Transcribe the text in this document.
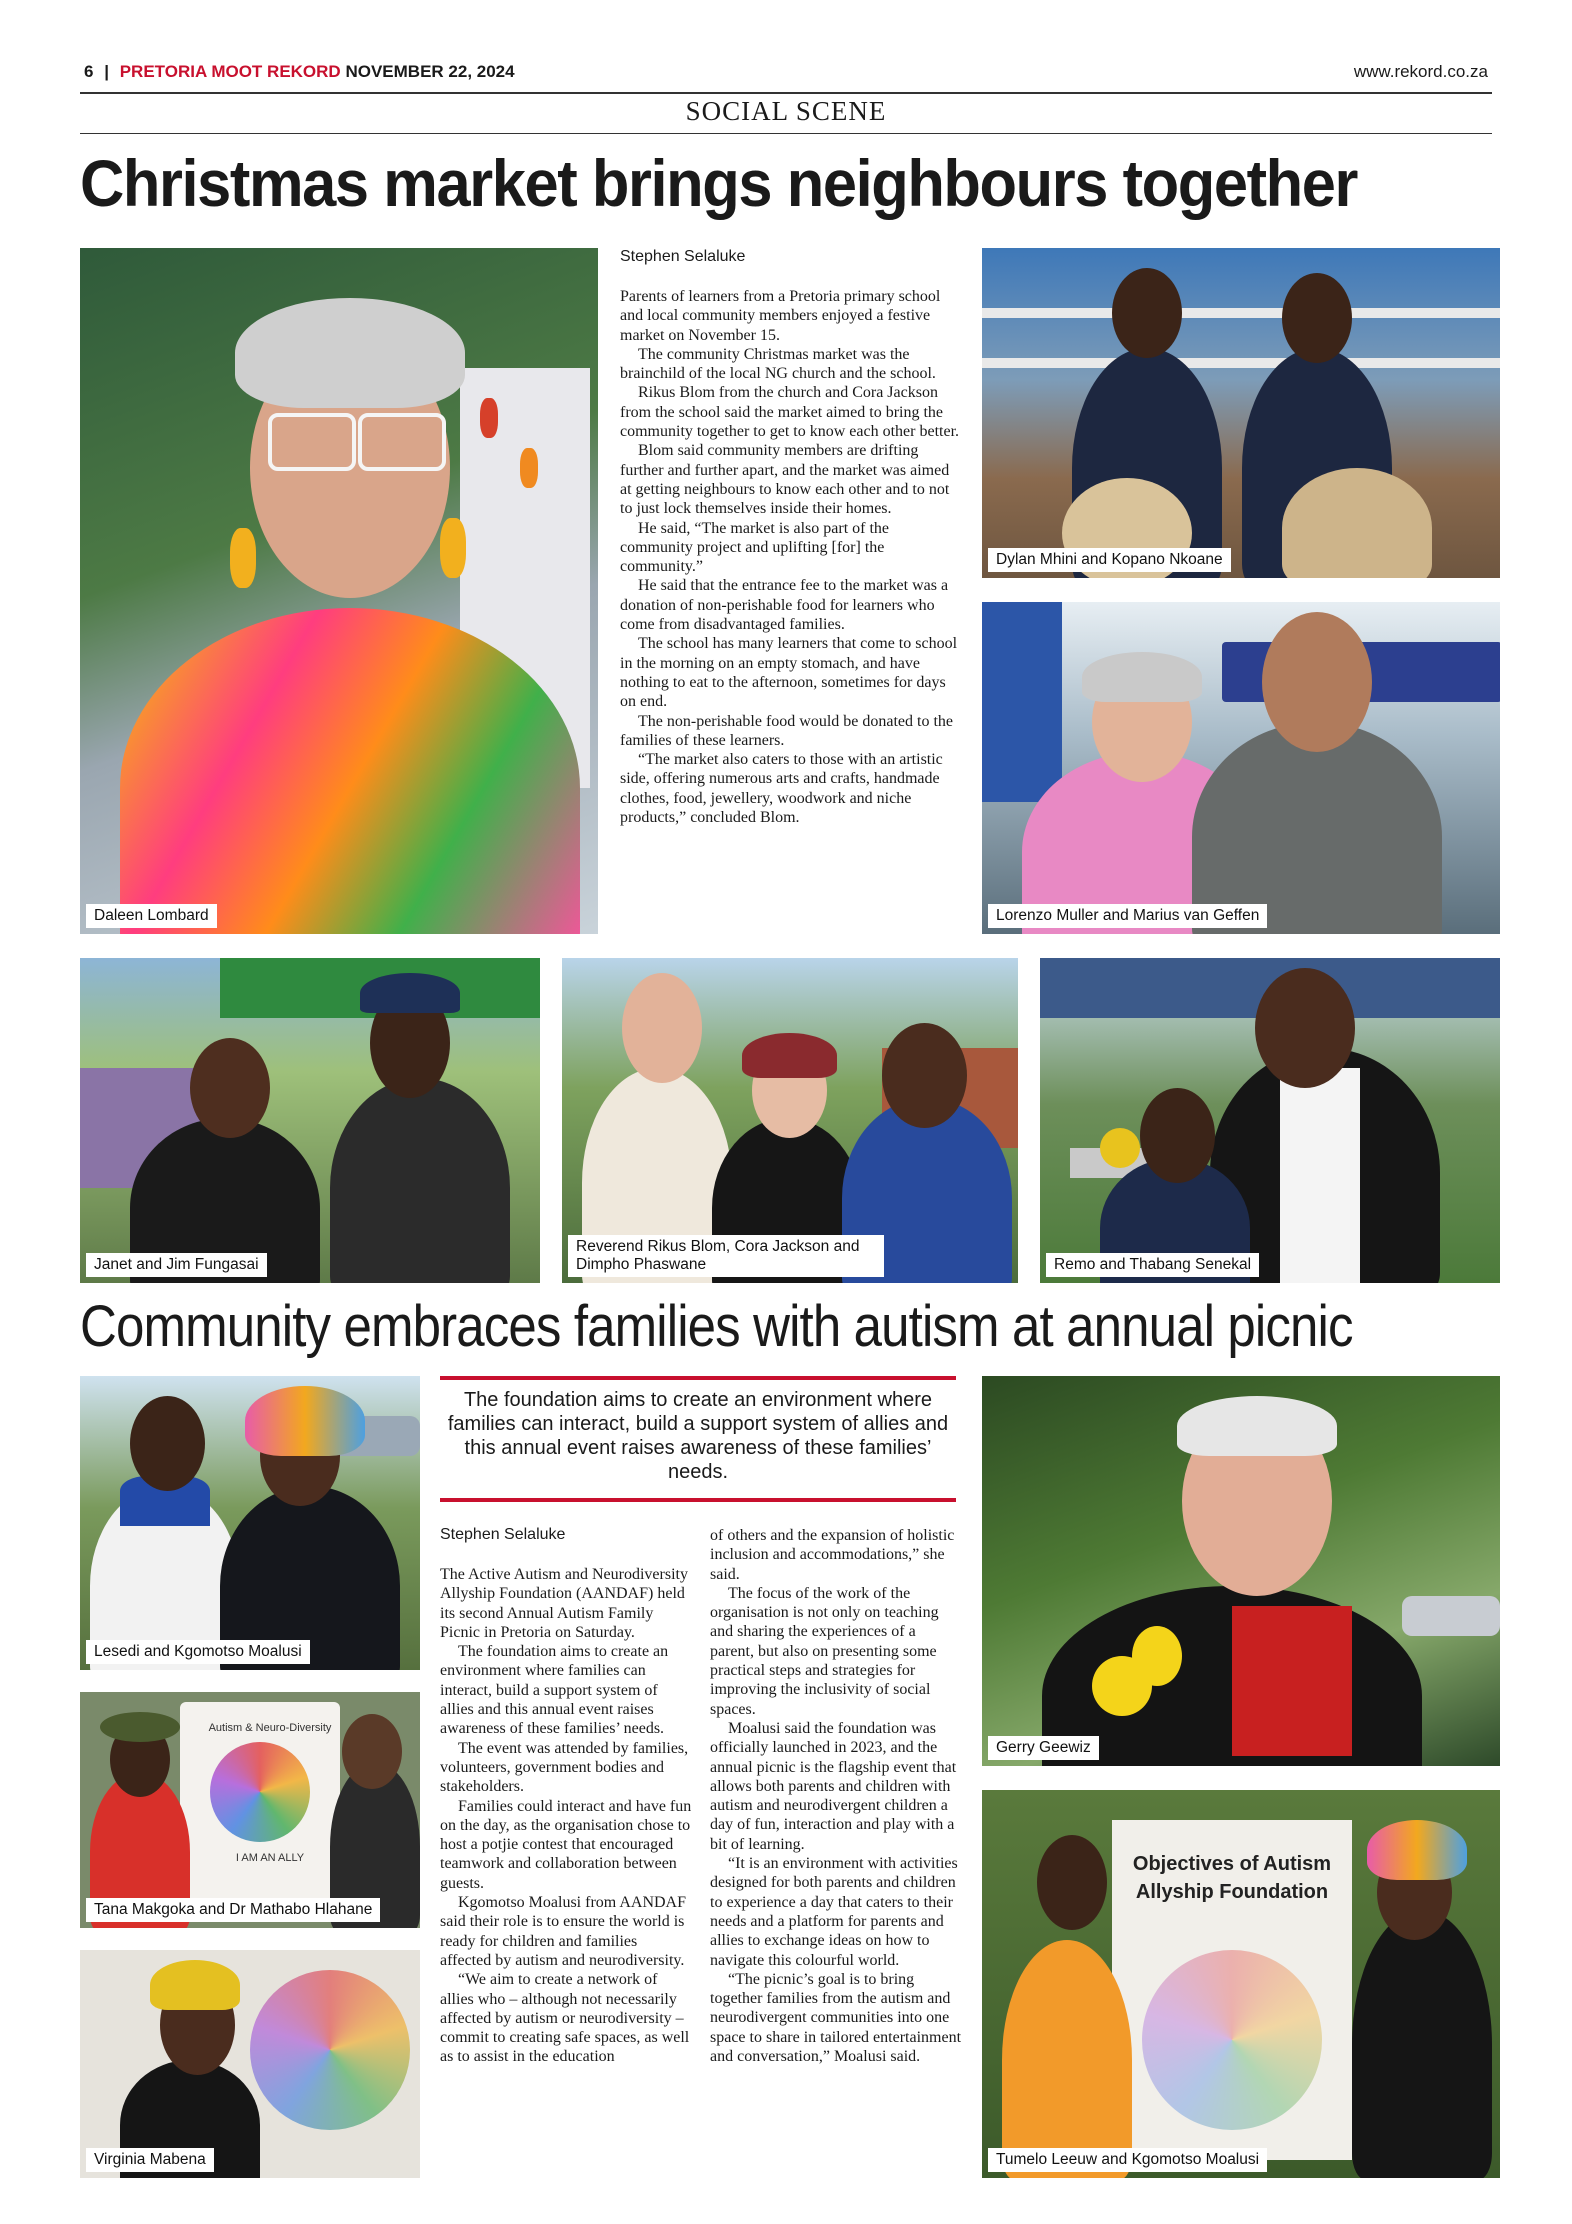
6 | PRETORIA MOOT REKORD NOVEMBER 22, 2024	www.rekord.co.za
SOCIAL SCENE
Christmas market brings neighbours together
Daleen Lombard
Stephen Selaluke

Parents of learners from a Pretoria primary school and local community members enjoyed a festive market on November 15.

The community Christmas market was the brainchild of the local NG church and the school.

Rikus Blom from the church and Cora Jackson from the school said the market aimed to bring the community together to get to know each other better.

Blom said community members are drifting further and further apart, and the market was aimed at getting neighbours to know each other and to not to just lock themselves inside their homes.

He said, “The market is also part of the community project and uplifting [for] the community.”

He said that the entrance fee to the market was a donation of non-perishable food for learners who come from disadvantaged families.

The school has many learners that come to school in the morning on an empty stomach, and have nothing to eat to the afternoon, sometimes for days on end.

The non-perishable food would be donated to the families of these learners.

“The market also caters to those with an artistic side, offering numerous arts and crafts, handmade clothes, food, jewellery, woodwork and niche products,” concluded Blom.

Dylan Mhini and Kopano Nkoane
Lorenzo Muller and Marius van Geffen
Janet and Jim Fungasai
Reverend Rikus Blom, Cora Jackson and Dimpho Phaswane	Remo and Thabang Senekal
Community embraces families with autism at annual picnic
Lesedi and Kgomotso Moalusi
Autism & Neuro-Diversity
I AM AN ALLY
Tana Makgoka and Dr Mathabo Hlahane
Virginia Mabena
The foundation aims to create an environment where families can interact, build a support system of allies and this annual event raises awareness of these families’ needs.
Stephen Selaluke

The Active Autism and Neurodiversity Allyship Foundation (AANDAF) held its second Annual Autism Family Picnic in Pretoria on Saturday.

The foundation aims to create an environment where families can interact, build a support system of allies and this annual event raises awareness of these families’ needs.

The event was attended by families, volunteers, government bodies and stakeholders.

Families could interact and have fun on the day, as the organisation chose to host a potjie contest that encouraged teamwork and collaboration between guests.

Kgomotso Moalusi from AANDAF said their role is to ensure the world is ready for children and families affected by autism and neurodiversity.

“We aim to create a network of allies who – although not necessarily affected by autism or neurodiversity – commit to creating safe spaces, as well as to assist in the education

of others and the expansion of holistic inclusion and accommodations,” she said.

The focus of the work of the organisation is not only on teaching and sharing the experiences of a parent, but also on presenting some practical steps and strategies for improving the inclusivity of social spaces.

Moalusi said the foundation was officially launched in 2023, and the annual picnic is the flagship event that allows both parents and children with autism and neurodivergent children a day of fun, interaction and play with a bit of learning.

“It is an environment with activities designed for both parents and children to experience a day that caters to their needs and a platform for parents and allies to exchange ideas on how to navigate this colourful world.

“The picnic’s goal is to bring together families from the autism and neurodivergent communities into one space to share in tailored entertainment and conversation,” Moalusi said.

Gerry Geewiz
Objectives of Autism Allyship Foundation
Tumelo Leeuw and Kgomotso Moalusi
